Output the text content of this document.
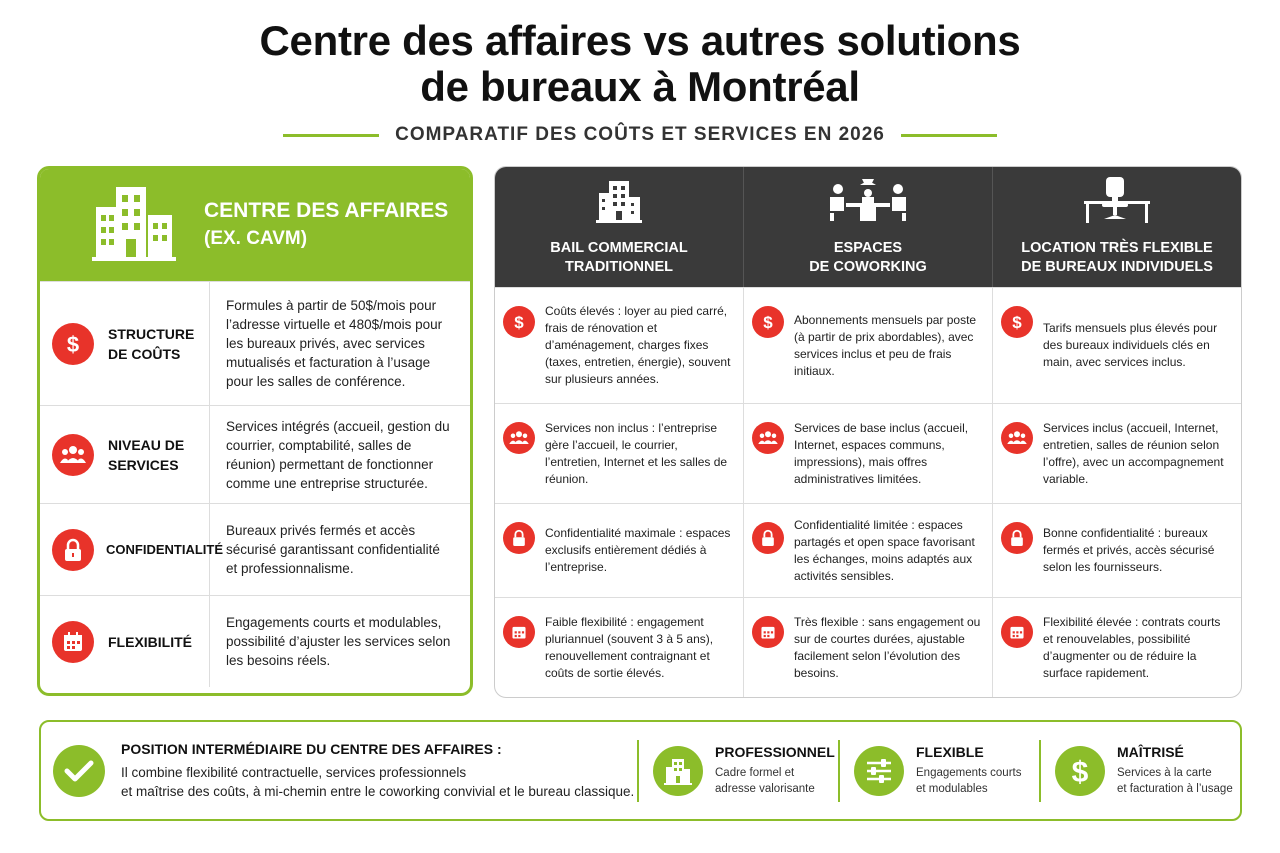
Centre des affaires vs autres solutions
de bureaux à Montréal
COMPARATIF DES COÛTS ET SERVICES EN 2026
CENTRE DES AFFAIRES
(EX. CAVM)
$ STRUCTURE
DE COÛTS
Formules à partir de 50$/mois pour l’adresse virtuelle et 480$/mois pour les bureaux privés, avec services mutualisés et facturation à l’usage pour les salles de conférence.
NIVEAU DE
SERVICES
Services intégrés (accueil, gestion du courrier, comptabilité, salles de réunion) permettant de fonctionner comme une entreprise structurée.
CONFIDENTIALITÉ
Bureaux privés fermés et accès sécurisé garantissant confidentialité et professionnalisme.
FLEXIBILITÉ
Engagements courts et modulables, possibilité d’ajuster les services selon les besoins réels.
BAIL COMMERCIAL
TRADITIONNEL
ESPACES
DE COWORKING
LOCATION TRÈS FLEXIBLE
DE BUREAUX INDIVIDUELS
$
Coûts élevés : loyer au pied carré, frais de rénovation et d’aménagement, charges fixes (taxes, entretien, énergie), souvent sur plusieurs années.
$ Abonnements mensuels par poste (à partir de prix abordables), avec services inclus et peu de frais initiaux.
$ Tarifs mensuels plus élevés pour des bureaux individuels clés en main, avec services inclus.
Services non inclus : l’entreprise gère l’accueil, le courrier, l’entretien, Internet et les salles de réunion.
Services de base inclus (accueil, Internet, espaces communs, impressions), mais offres administratives limitées.
Services inclus (accueil, Internet, entretien, salles de réunion selon l’offre), avec un accompagnement variable.
Confidentialité maximale : espaces exclusifs entièrement dédiés à l’entreprise.
Confidentialité limitée : espaces partagés et open space favorisant les échanges, moins adaptés aux activités sensibles.
Bonne confidentialité : bureaux fermés et privés, accès sécurisé selon les fournisseurs.
Faible flexibilité : engagement pluriannuel (souvent 3 à 5 ans), renouvellement contraignant et coûts de sortie élevés.
Très flexible : sans engagement ou sur de courtes durées, ajustable facilement selon l’évolution des besoins.
Flexibilité élevée : contrats courts et renouvelables, possibilité d’augmenter ou de réduire la surface rapidement.
POSITION INTERMÉDIAIRE DU CENTRE DES AFFAIRES :
Il combine flexibilité contractuelle, services professionnels
et maîtrise des coûts, à mi-chemin entre le coworking convivial et le bureau classique.
PROFESSIONNEL
Cadre formel et
adresse valorisante
FLEXIBLE
Engagements courts
et modulables
$
MAÎTRISÉ
Services à la carte
et facturation à l’usage
